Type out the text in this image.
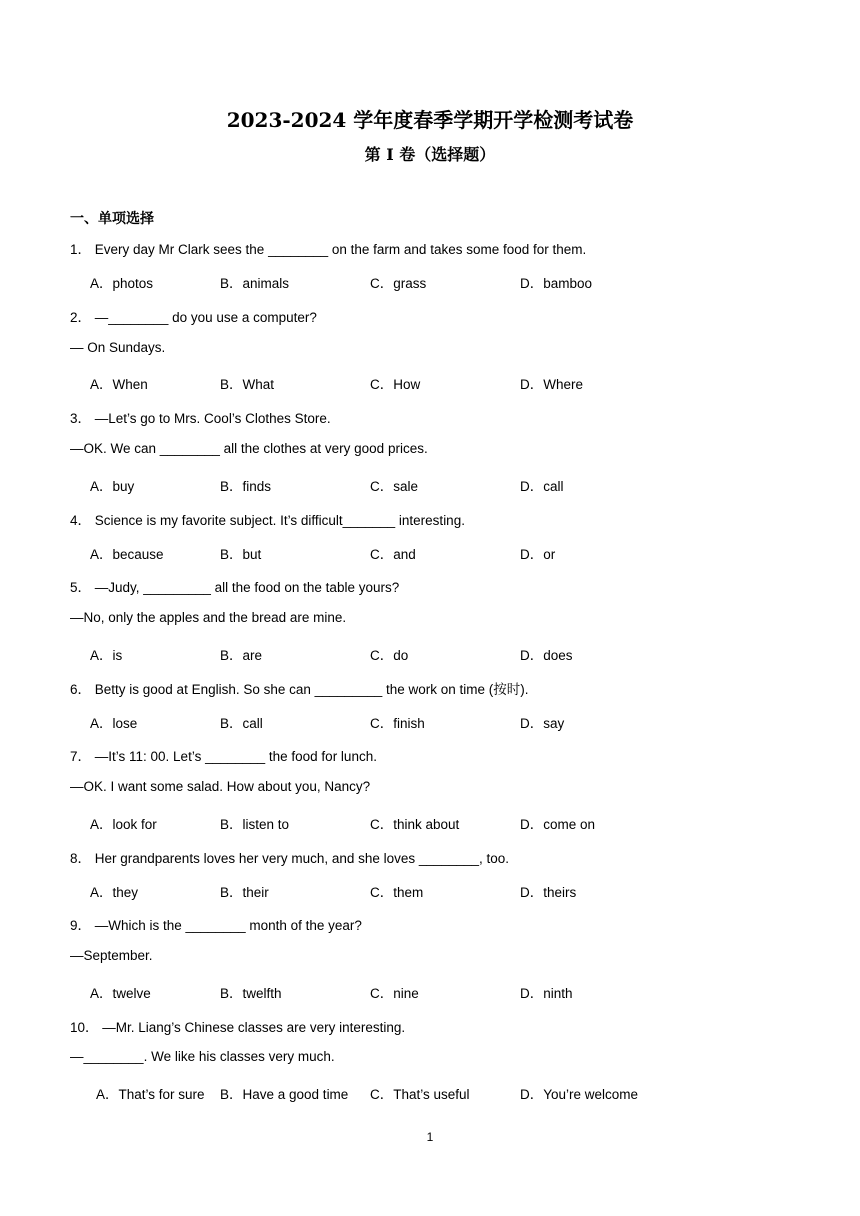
2023-2024 学年度春季学期开学检测考试卷
第 I 卷（选择题）
一、单项选择
1． Every day Mr Clark sees the ________ on the farm and takes some food for them.
A．photos	B．animals	C．grass	D．bamboo
2． —________ do you use a computer?
— On Sundays.
A．When	B．What	C．How	D．Where
3． —Let’s go to Mrs. Cool’s Clothes Store.
—OK. We can ________ all the clothes at very good prices.
A．buy	B．finds	C．sale	D．call
4． Science is my favorite subject. It’s difficult_______ interesting.
A．because	B．but	C．and	D．or
5． —Judy, _________ all the food on the table yours?
—No, only the apples and the bread are mine.
A．is	B．are	C．do	D．does
6． Betty is good at English. So she can _________ the work on time (按时).
A．lose	B．call	C．finish	D．say
7． —It’s 11: 00. Let’s ________ the food for lunch.
—OK. I want some salad. How about you, Nancy?
A．look for	B．listen to	C．think about	D．come on
8． Her grandparents loves her very much, and she loves ________, too.
A．they	B．their	C．them	D．theirs
9． —Which is the ________ month of the year?
—September.
A．twelve	B．twelfth	C．nine	D．ninth
10． —Mr. Liang’s Chinese classes are very interesting.
—________. We like his classes very much.
A．That’s for sure B．Have a good time C．That’s useful	D．You’re welcome
1
